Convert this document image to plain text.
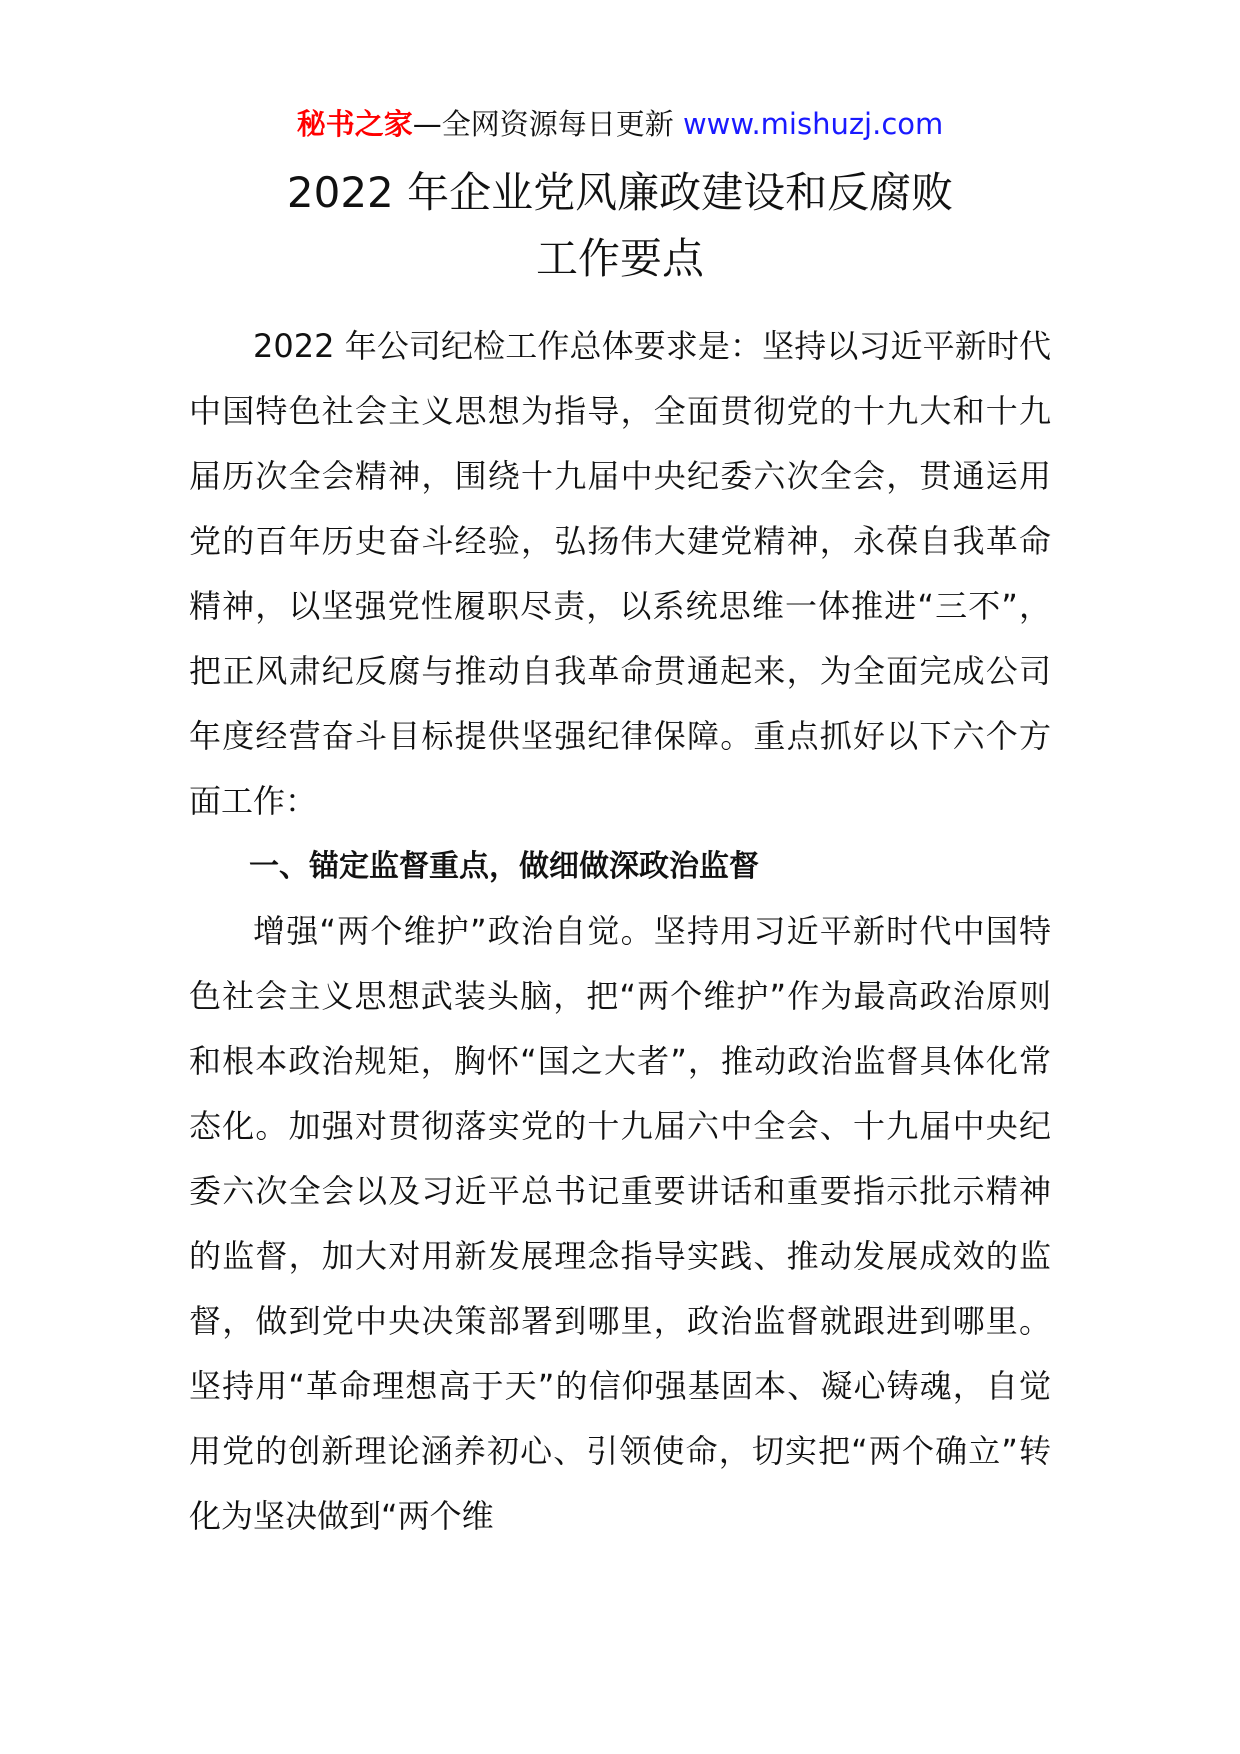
秘书之家—全网资源每日更新 www.mishuzj.com
2022 年企业党风廉政建设和反腐败
工作要点

2022 年公司纪检工作总体要求是：坚持以习近平新时代中国特色社会主义思想为指导，全面贯彻党的十九大和十九届历次全会精神，围绕十九届中央纪委六次全会，贯通运用党的百年历史奋斗经验，弘扬伟大建党精神，永葆自我革命精神，以坚强党性履职尽责，以系统思维一体推进“三不”，把正风肃纪反腐与推动自我革命贯通起来，为全面完成公司年度经营奋斗目标提供坚强纪律保障。重点抓好以下六个方面工作：

一、锚定监督重点，做细做深政治监督

增强“两个维护”政治自觉。坚持用习近平新时代中国特色社会主义思想武装头脑，把“两个维护”作为最高政治原则和根本政治规矩，胸怀“国之大者”，推动政治监督具体化常态化。加强对贯彻落实党的十九届六中全会、十九届中央纪委六次全会以及习近平总书记重要讲话和重要指示批示精神的监督，加大对用新发展理念指导实践、推动发展成效的监督，做到党中央决策部署到哪里，政治监督就跟进到哪里。坚持用“革命理想高于天”的信仰强基固本、凝心铸魂，自觉用党的创新理论涵养初心、引领使命，切实把“两个确立”转化为坚决做到“两个维
